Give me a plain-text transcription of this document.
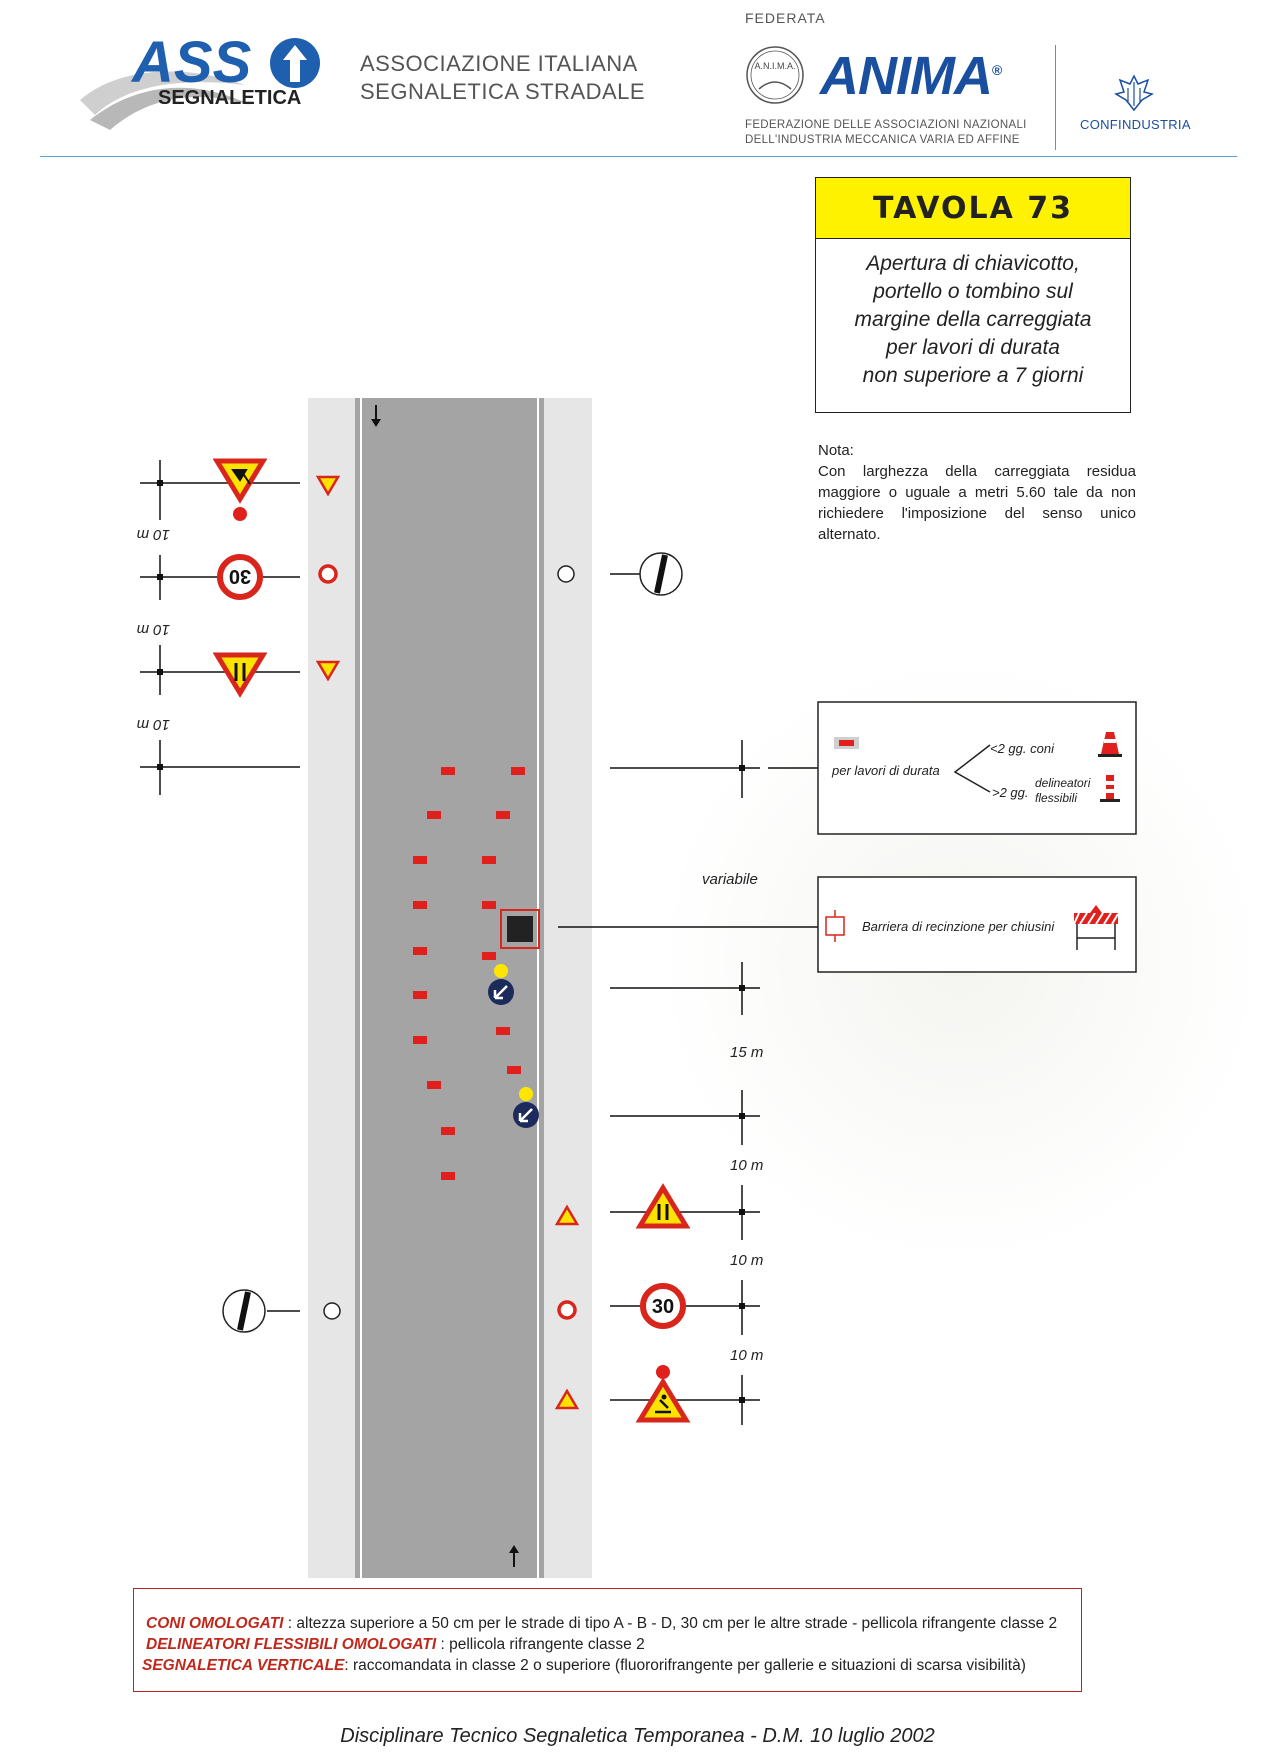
ASS
SEGNALETICA
ASSOCIAZIONE ITALIANA
SEGNALETICA STRADALE
FEDERATA
A.N.I.M.A. ANIMA®
FEDERAZIONE DELLE ASSOCIAZIONI NAZIONALI
DELL'INDUSTRIA MECCANICA VARIA ED AFFINE
CONFINDUSTRIA
TAVOLA 73
Apertura di chiavicotto,
portello o tombino sul
margine della carreggiata
per lavori di durata
non superiore a 7 giorni
Nota:
Con larghezza della carreggiata residua maggiore o uguale a metri 5.60 tale da non richiedere l'imposizione del senso unico alternato.
10 m
10 m
10 m
30
variabile
15 m
10 m
10 m
10 m
30
per lavori di durata
<2 gg. coni
>2 gg.
delineatori
flessibili
Barriera di recinzione per chiusini
CONI OMOLOGATI : altezza superiore a 50 cm per le strade di tipo A - B - D, 30 cm per le altre strade - pellicola rifrangente classe 2
DELINEATORI FLESSIBILI OMOLOGATI : pellicola rifrangente classe 2
SEGNALETICA VERTICALE: raccomandata in classe 2 o superiore (fluororifrangente per gallerie e situazioni di scarsa visibilità)
Disciplinare Tecnico Segnaletica Temporanea - D.M. 10 luglio 2002
